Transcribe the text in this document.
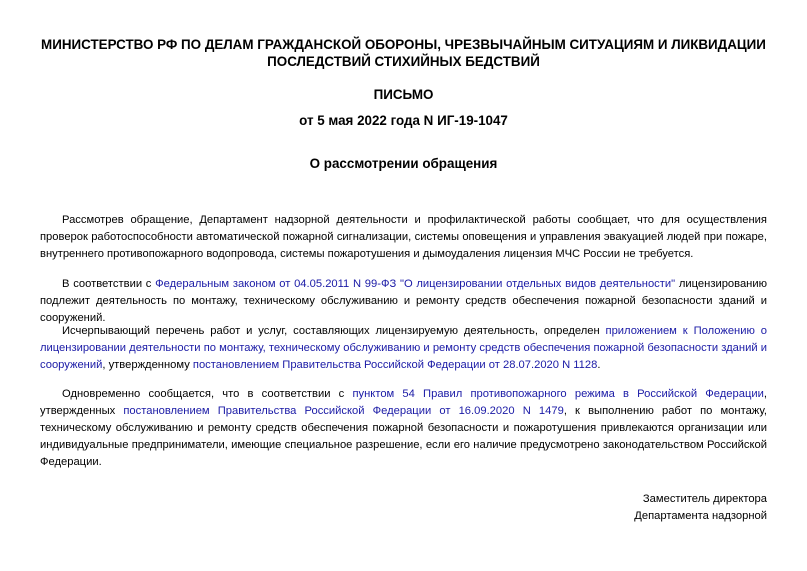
МИНИСТЕРСТВО РФ ПО ДЕЛАМ ГРАЖДАНСКОЙ ОБОРОНЫ, ЧРЕЗВЫЧАЙНЫМ СИТУАЦИЯМ И ЛИКВИДАЦИИ ПОСЛЕДСТВИЙ СТИХИЙНЫХ БЕДСТВИЙ
ПИСЬМО
от 5 мая 2022 года N ИГ-19-1047
О рассмотрении обращения

Рассмотрев обращение, Департамент надзорной деятельности и профилактической работы сообщает, что для осуществления проверок работоспособности автоматической пожарной сигнализации, системы оповещения и управления эвакуацией людей при пожаре, внутреннего противопожарного водопровода, системы пожаротушения и дымоудаления лицензия МЧС России не требуется.

В соответствии с Федеральным законом от 04.05.2011 N 99-ФЗ "О лицензировании отдельных видов деятельности" лицензированию подлежит деятельность по монтажу, техническому обслуживанию и ремонту средств обеспечения пожарной безопасности зданий и сооружений.

Исчерпывающий перечень работ и услуг, составляющих лицензируемую деятельность, определен приложением к Положению о лицензировании деятельности по монтажу, техническому обслуживанию и ремонту средств обеспечения пожарной безопасности зданий и сооружений, утвержденному постановлением Правительства Российской Федерации от 28.07.2020 N 1128.

Одновременно сообщается, что в соответствии с пунктом 54 Правил противопожарного режима в Российской Федерации, утвержденных постановлением Правительства Российской Федерации от 16.09.2020 N 1479, к выполнению работ по монтажу, техническому обслуживанию и ремонту средств обеспечения пожарной безопасности и пожаротушения привлекаются организации или индивидуальные предприниматели, имеющие специальное разрешение, если его наличие предусмотрено законодательством Российской Федерации.

Заместитель директора
Департамента надзорной
